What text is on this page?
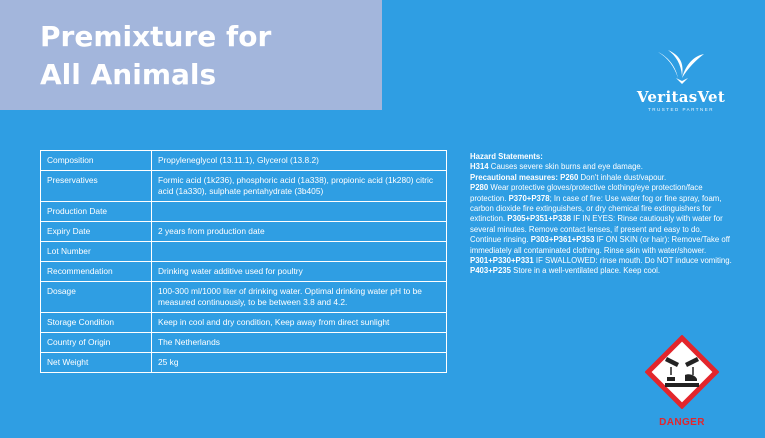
Premixture for
All Animals
VeritasVet
TRUSTED PARTNER
Composition	Propyleneglycol (13.11.1), Glycerol (13.8.2)
Preservatives	Formic acid (1k236), phosphoric acid (1a338), propionic acid (1k280) citric acid (1a330), sulphate pentahydrate (3b405)
Production Date	
Expiry Date	2 years from production date
Lot Number	
Recommendation	Drinking water additive used for poultry
Dosage	100-300 ml/1000 liter of drinking water. Optimal drinking water pH to be measured continuously, to be between 3.8 and 4.2.
Storage Condition	Keep in cool and dry condition, Keep away from direct sunlight
Country of Origin	The Netherlands
Net Weight	25 kg

Hazard Statements:

H314 Causes severe skin burns and eye damage.
Precautional measures: P260 Don't inhale dust/vapour.
P280 Wear protective gloves/protective clothing/eye protection/face protection. P370+P378; In case of fire: Use water fog or fine spray, foam, carbon dioxide fire extinguishers, or dry chemical fire extinguishers for extinction. P305+P351+P338 IF IN EYES: Rinse cautiously with water for several minutes. Remove contact lenses, if present and easy to do. Continue rinsing. P303+P361+P353 IF ON SKIN (or hair): Remove/Take off immediately all contaminated clothing. Rinse skin with water/shower. P301+P330+P331 IF SWALLOWED: rinse mouth. Do NOT induce vomiting.
P403+P235 Store in a well-ventilated place. Keep cool.

DANGER
